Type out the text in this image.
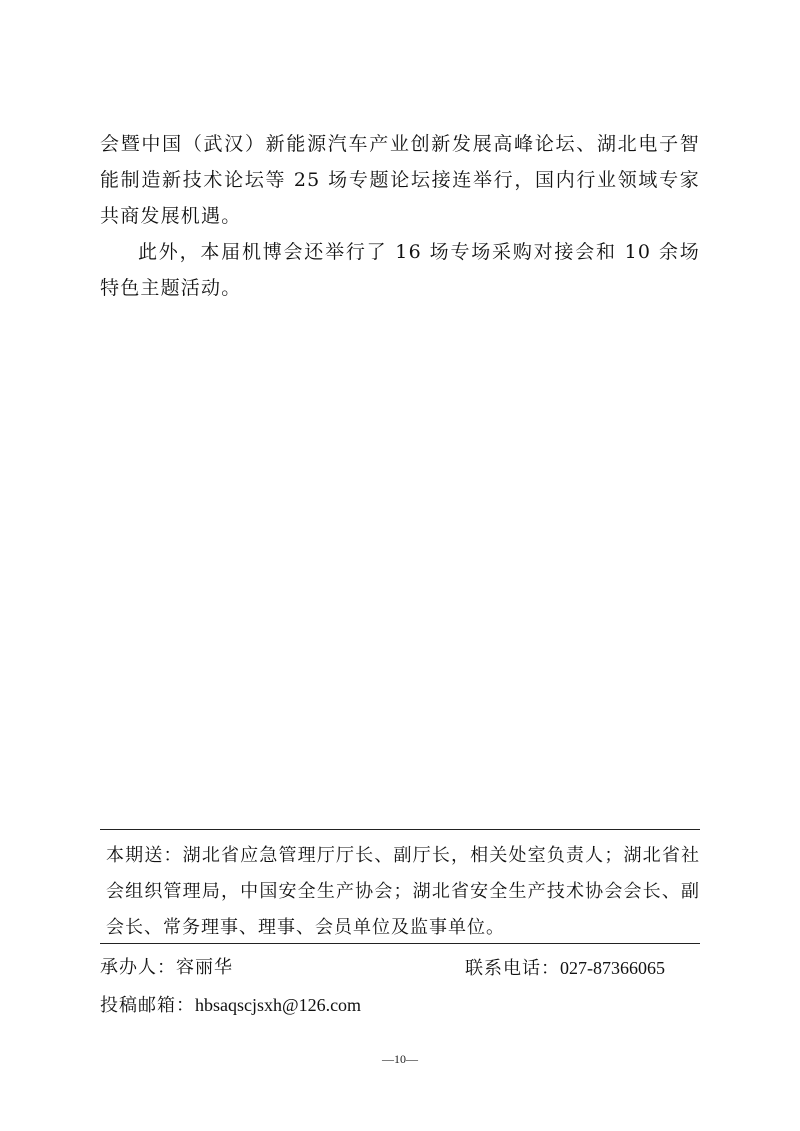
会暨中国（武汉）新能源汽车产业创新发展高峰论坛、湖北电子智能制造新技术论坛等 25 场专题论坛接连举行，国内行业领域专家共商发展机遇。

此外，本届机博会还举行了 16 场专场采购对接会和 10 余场特色主题活动。

本期送：湖北省应急管理厅厅长、副厅长，相关处室负责人；湖北省社会组织管理局，中国安全生产协会；湖北省安全生产技术协会会长、副会长、常务理事、理事、会员单位及监事单位。

承办人：容丽华	联系电话：027-87366065
投稿邮箱：hbsaqscjsxh@126.com
—10—
